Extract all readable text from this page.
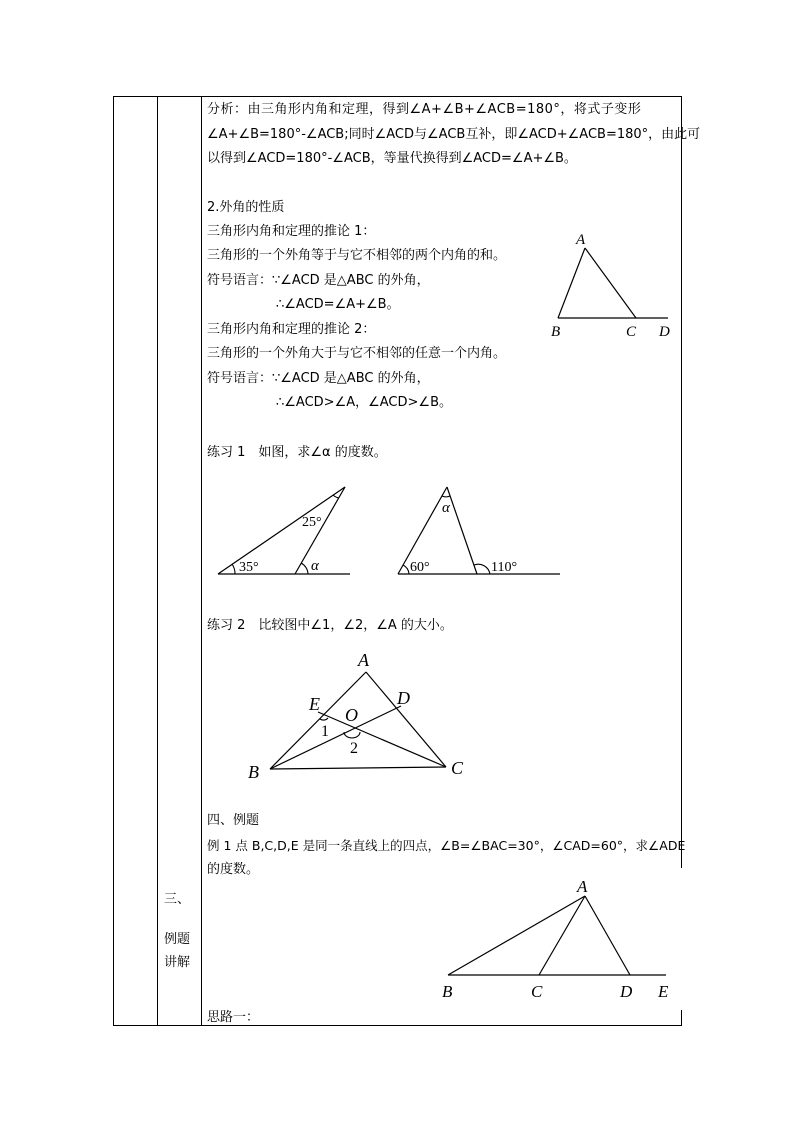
三、
例题
讲解
分析：由三角形内角和定理，得到∠A+∠B+∠ACB=180°，将式子变形
∠A+∠B=180°-∠ACB;同时∠ACD与∠ACB互补，即∠ACD+∠ACB=180°，由此可
以得到∠ACD=180°-∠ACB，等量代换得到∠ACD=∠A+∠B。
2.外角的性质
三角形内角和定理的推论 1：
三角形的一个外角等于与它不相邻的两个内角的和。
符号语言：∵∠ACD 是△ABC 的外角，
∴∠ACD=∠A+∠B。
三角形内角和定理的推论 2：
三角形的一个外角大于与它不相邻的任意一个内角。
符号语言：∵∠ACD 是△ABC 的外角，
∴∠ACD>∠A，∠ACD>∠B。
A
B	C D
练习 1　如图，求∠α 的度数。
35°
25°
α
α
60°	110°
练习 2　比较图中∠1，∠2，∠A 的大小。
A
B	C
D
E
O
1
2
四、例题
例 1 点 B,C,D,E 是同一条直线上的四点，∠B=∠BAC=30°，∠CAD=60°，求∠ADE
的度数。
A
B	C	D E
思路一：
